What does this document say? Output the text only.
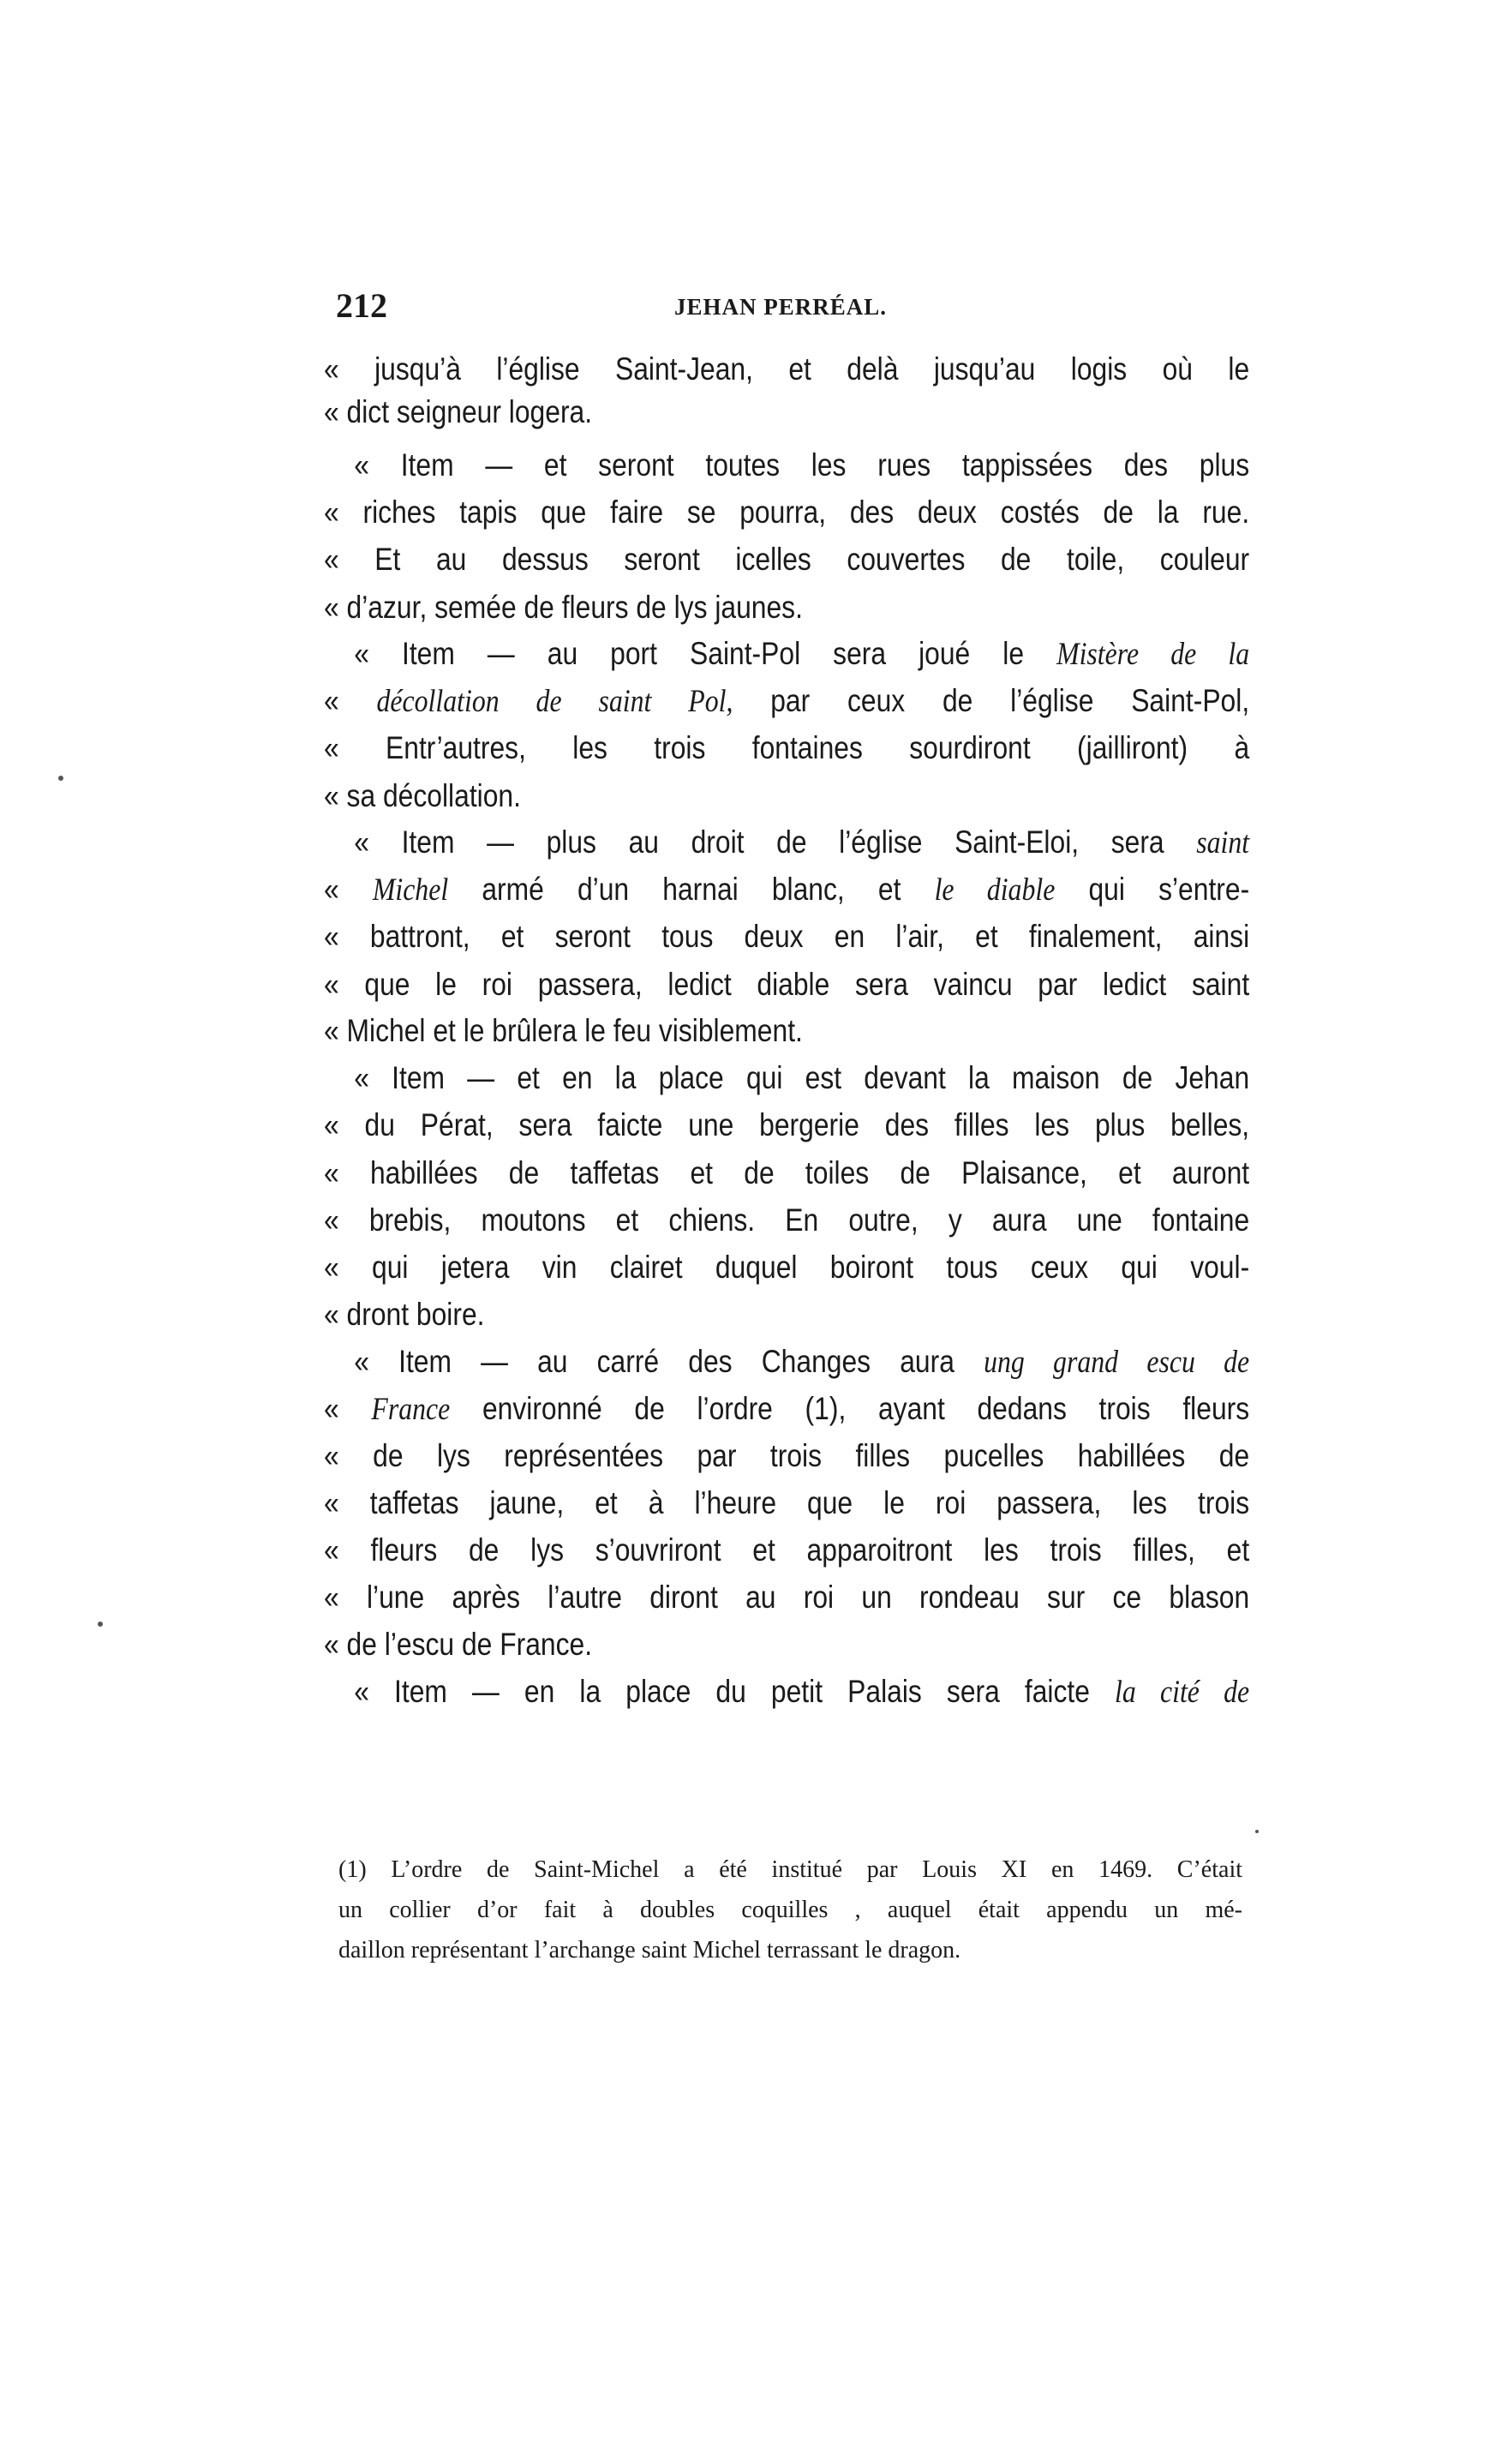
212	JEHAN PERRÉAL.
« jusqu’à l’église Saint-Jean, et delà jusqu’au logis où le
« dict seigneur logera.
« Item — et seront toutes les rues tappissées des plus
« riches tapis que faire se pourra, des deux costés de la rue.
« Et au dessus seront icelles couvertes de toile, couleur
« d’azur, semée de fleurs de lys jaunes.
« Item — au port Saint-Pol sera joué le Mistère de la
« décollation de saint Pol, par ceux de l’église Saint-Pol,
« Entr’autres, les trois fontaines sourdiront (jailliront) à
« sa décollation.
« Item — plus au droit de l’église Saint-Eloi, sera saint
« Michel armé d’un harnai blanc, et le diable qui s’entre-
« battront, et seront tous deux en l’air, et finalement, ainsi
« que le roi passera, ledict diable sera vaincu par ledict saint
« Michel et le brûlera le feu visiblement.
« Item — et en la place qui est devant la maison de Jehan
« du Pérat, sera faicte une bergerie des filles les plus belles,
« habillées de taffetas et de toiles de Plaisance, et auront
« brebis, moutons et chiens. En outre, y aura une fontaine
« qui jetera vin clairet duquel boiront tous ceux qui voul-
« dront boire.
« Item — au carré des Changes aura ung grand escu de
« France environné de l’ordre (1), ayant dedans trois fleurs
« de lys représentées par trois filles pucelles habillées de
« taffetas jaune, et à l’heure que le roi passera, les trois
« fleurs de lys s’ouvriront et apparoitront les trois filles, et
« l’une après l’autre diront au roi un rondeau sur ce blason
« de l’escu de France.
« Item — en la place du petit Palais sera faicte la cité de
(1) L’ordre de Saint-Michel a été institué par Louis XI en 1469. C’était
un collier d’or fait à doubles coquilles , auquel était appendu un mé-
daillon représentant l’archange saint Michel terrassant le dragon.
